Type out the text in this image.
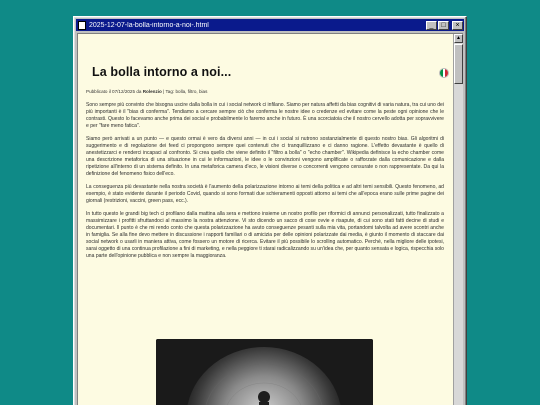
2025-12-07-la-bolla-intorno-a-noi-.html	_	□	×
▲
La bolla intorno a noi...

Pubblicato il 07/12/2025 da Rolenzio | Tag: bolla, filtro, bias

Sono sempre più convinto che bisogna uscire dalla bolla in cui i social network ci infilano. Siamo per natura affetti da bias cognitivi di varia natura, tra cui uno dei più importanti è il "bias di conferma". Tendiamo a cercare sempre ciò che conferma le nostre idee o credenze ed evitare come la peste ogni opinione che le contrasti. Questo lo facevamo anche prima dei social e probabilmente lo faremo anche in futuro. È una scorciatoia che il nostro cervello adotta per sopravvivere e per "fare meno fatica".

Siamo però arrivati a un punto — e questo ormai è vero da diversi anni — in cui i social si nutrono sostanzialmente di questo nostro bias. Gli algoritmi di suggerimento e di regolazione dei feed ci propongono sempre quei contenuti che ci tranquillizzano e ci danno ragione. L'effetto devastante è quello di anestetizzarci e renderci incapaci al confronto. Si crea quello che viene definito il "filtro a bolla" o "echo chamber". Wikipedia definisce la echo chamber come una descrizione metaforica di una situazione in cui le informazioni, le idee o le convinzioni vengono amplificate o rafforzate dalla comunicazione e dalla ripetizione all'interno di un sistema definito. In una metaforica camera d'eco, le visioni diverse o concorrenti vengono censurate o non rappresentate. Da qui la definizione del fenomeno fisico dell'eco.

La conseguenza più devastante nella nostra società è l'aumento della polarizzazione intorno ai temi della politica e ad altri temi sensibili. Questo fenomeno, ad esempio, è stato evidente durante il periodo Covid, quando si sono formati due schieramenti opposti attorno ai temi che all'epoca erano sulle prime pagine dei giornali (restrizioni, vaccini, green pass, ecc.).

In tutto questo le grandi big tech ci profilano dalla mattina alla sera e mettono insieme un nostro profilo per riformici di annunci personalizzati, tutto finalizzato a massimizzare i profitti sfruttandoci al massimo la nostra attenzione. Vi sto dicendo un sacco di cose ovvie e risapute, di cui sono stati fatti decine di studi e documentari. Il punto è che mi rendo conto che questa polarizzazione ha avuto conseguenze pesanti sulla mia vita, portandomi talvolta ad avere scontri anche in famiglia. Se alla fine devo mettere in discussione i rapporti familiari o di amicizia per delle opinioni polarizzate dai media, è giunto il momento di staccare dai social network o usarli in maniera attiva, come fossero un motore di ricerca. Evitare il più possibile lo scrolling automatico. Perché, nella migliore delle ipotesi, sarai oggetto di una continua profilazione a fini di marketing, e nella peggiore ti starai radicalizzando su un'idea che, per quanto sensata e logica, rispecchia solo una parte dell'opinione pubblica e non sempre la maggioranza.
